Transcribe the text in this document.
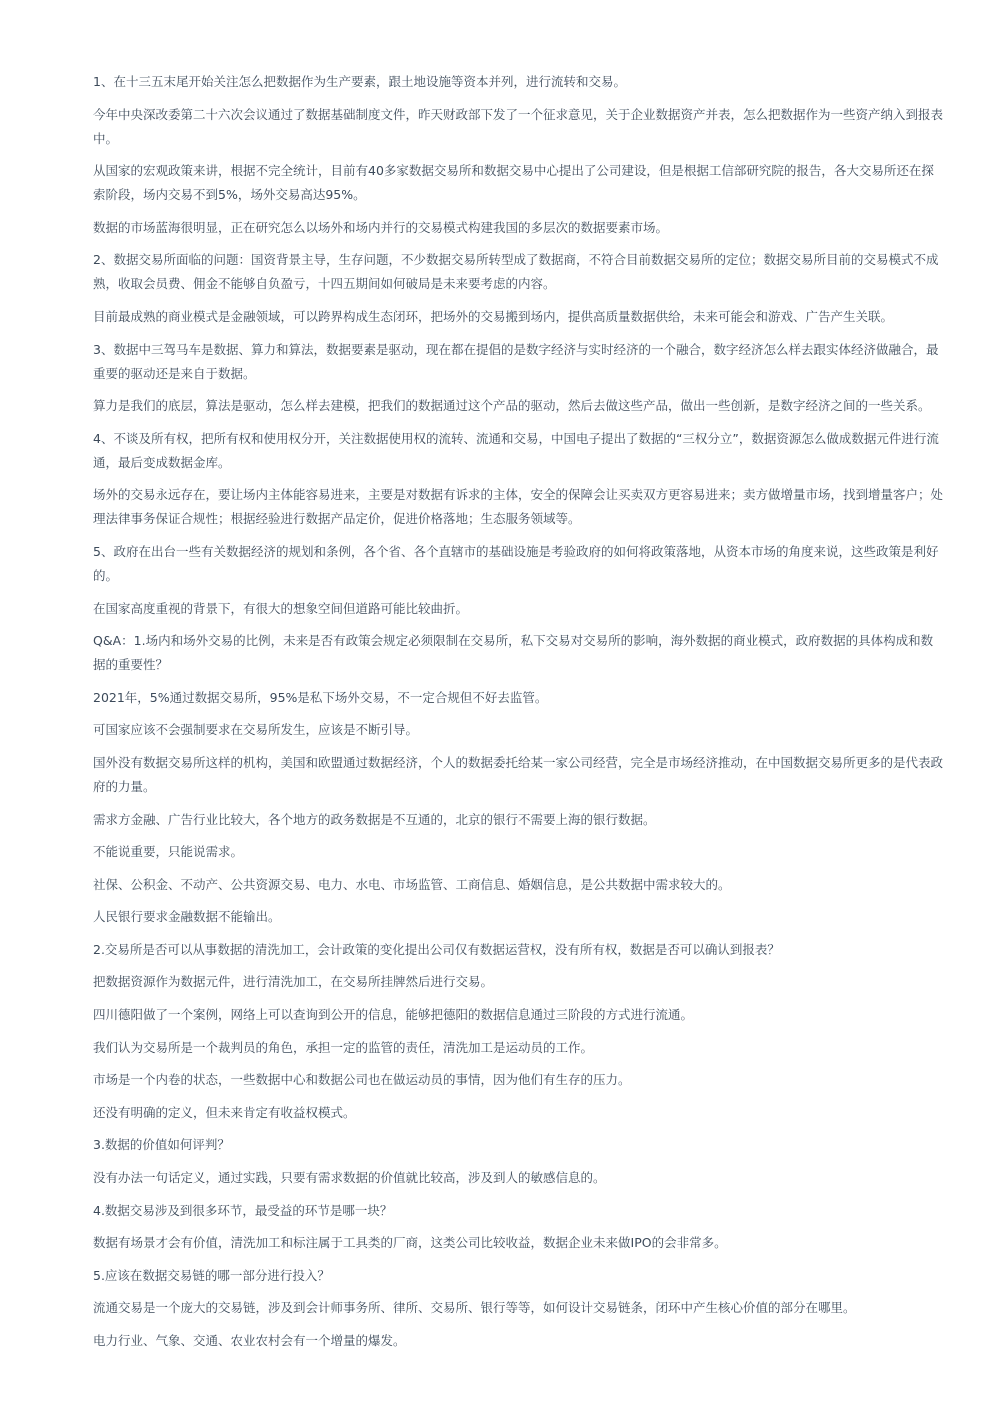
1、在十三五末尾开始关注怎么把数据作为生产要素，跟土地设施等资本并列，进行流转和交易。

今年中央深改委第二十六次会议通过了数据基础制度文件，昨天财政部下发了一个征求意见，关于企业数据资产并表，怎么把数据作为一些资产纳入到报表中。

从国家的宏观政策来讲，根据不完全统计，目前有40多家数据交易所和数据交易中心提出了公司建设，但是根据工信部研究院的报告，各大交易所还在探索阶段，场内交易不到5%，场外交易高达95%。

数据的市场蓝海很明显，正在研究怎么以场外和场内并行的交易模式构建我国的多层次的数据要素市场。

2、数据交易所面临的问题：国资背景主导，生存问题，不少数据交易所转型成了数据商，不符合目前数据交易所的定位；数据交易所目前的交易模式不成熟，收取会员费、佣金不能够自负盈亏，十四五期间如何破局是未来要考虑的内容。

目前最成熟的商业模式是金融领域，可以跨界构成生态闭环，把场外的交易搬到场内，提供高质量数据供给，未来可能会和游戏、广告产生关联。

3、数据中三驾马车是数据、算力和算法，数据要素是驱动，现在都在提倡的是数字经济与实时经济的一个融合，数字经济怎么样去跟实体经济做融合，最重要的驱动还是来自于数据。

算力是我们的底层，算法是驱动，怎么样去建模，把我们的数据通过这个产品的驱动，然后去做这些产品，做出一些创新，是数字经济之间的一些关系。

4、不谈及所有权，把所有权和使用权分开，关注数据使用权的流转、流通和交易，中国电子提出了数据的“三权分立”，数据资源怎么做成数据元件进行流通，最后变成数据金库。

场外的交易永远存在，要让场内主体能容易进来，主要是对数据有诉求的主体，安全的保障会让买卖双方更容易进来；卖方做增量市场，找到增量客户；处理法律事务保证合规性；根据经验进行数据产品定价，促进价格落地；生态服务领域等。

5、政府在出台一些有关数据经济的规划和条例，各个省、各个直辖市的基础设施是考验政府的如何将政策落地，从资本市场的角度来说，这些政策是利好的。

在国家高度重视的背景下，有很大的想象空间但道路可能比较曲折。

Q&A：1.场内和场外交易的比例，未来是否有政策会规定必须限制在交易所，私下交易对交易所的影响，海外数据的商业模式，政府数据的具体构成和数据的重要性？

2021年，5%通过数据交易所，95%是私下场外交易，不一定合规但不好去监管。

可国家应该不会强制要求在交易所发生，应该是不断引导。

国外没有数据交易所这样的机构，美国和欧盟通过数据经济，个人的数据委托给某一家公司经营，完全是市场经济推动，在中国数据交易所更多的是代表政府的力量。

需求方金融、广告行业比较大，各个地方的政务数据是不互通的，北京的银行不需要上海的银行数据。

不能说重要，只能说需求。

社保、公积金、不动产、公共资源交易、电力、水电、市场监管、工商信息、婚姻信息，是公共数据中需求较大的。

人民银行要求金融数据不能输出。

2.交易所是否可以从事数据的清洗加工，会计政策的变化提出公司仅有数据运营权，没有所有权，数据是否可以确认到报表？

把数据资源作为数据元件，进行清洗加工，在交易所挂牌然后进行交易。

四川德阳做了一个案例，网络上可以查询到公开的信息，能够把德阳的数据信息通过三阶段的方式进行流通。

我们认为交易所是一个裁判员的角色，承担一定的监管的责任，清洗加工是运动员的工作。

市场是一个内卷的状态，一些数据中心和数据公司也在做运动员的事情，因为他们有生存的压力。

还没有明确的定义，但未来肯定有收益权模式。

3.数据的价值如何评判？

没有办法一句话定义，通过实践，只要有需求数据的价值就比较高，涉及到人的敏感信息的。

4.数据交易涉及到很多环节，最受益的环节是哪一块？

数据有场景才会有价值，清洗加工和标注属于工具类的厂商，这类公司比较收益，数据企业未来做IPO的会非常多。

5.应该在数据交易链的哪一部分进行投入？

流通交易是一个庞大的交易链，涉及到会计师事务所、律所、交易所、银行等等，如何设计交易链条，闭环中产生核心价值的部分在哪里。

电力行业、气象、交通、农业农村会有一个增量的爆发。
